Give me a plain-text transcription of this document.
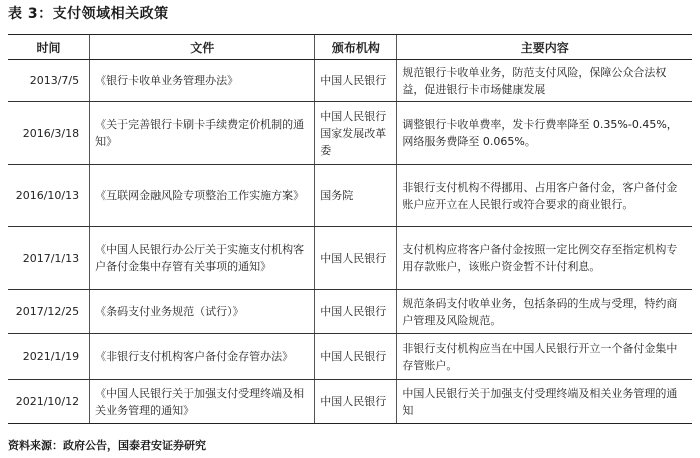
表 3：支付领域相关政策
时间	文件	颁布机构	主要内容
2013/7/5	《银行卡收单业务管理办法》	中国人民银行	规范银行卡收单业务，防范支付风险，保障公众合法权益，促进银行卡市场健康发展
2016/3/18	《关于完善银行卡刷卡手续费定价机制的通知》	中国人民银行国家发展改革委	调整银行卡收单费率，发卡行费率降至 0.35%-0.45%，网络服务费降至 0.065%。
2016/10/13	《互联网金融风险专项整治工作实施方案》	国务院	非银行支付机构不得挪用、占用客户备付金，客户备付金账户应开立在人民银行或符合要求的商业银行。
2017/1/13	《中国人民银行办公厅关于实施支付机构客户备付金集中存管有关事项的通知》	中国人民银行	支付机构应将客户备付金按照一定比例交存至指定机构专用存款账户，该账户资金暂不计付利息。
2017/12/25	《条码支付业务规范（试行）》	中国人民银行	规范条码支付收单业务，包括条码的生成与受理，特约商户管理及风险规范。
2021/1/19	《非银行支付机构客户备付金存管办法》	中国人民银行	非银行支付机构应当在中国人民银行开立一个备付金集中存管账户。
2021/10/12	《中国人民银行关于加强支付受理终端及相关业务管理的通知》	中国人民银行	中国人民银行关于加强支付受理终端及相关业务管理的通知
资料来源：政府公告，国泰君安证券研究
